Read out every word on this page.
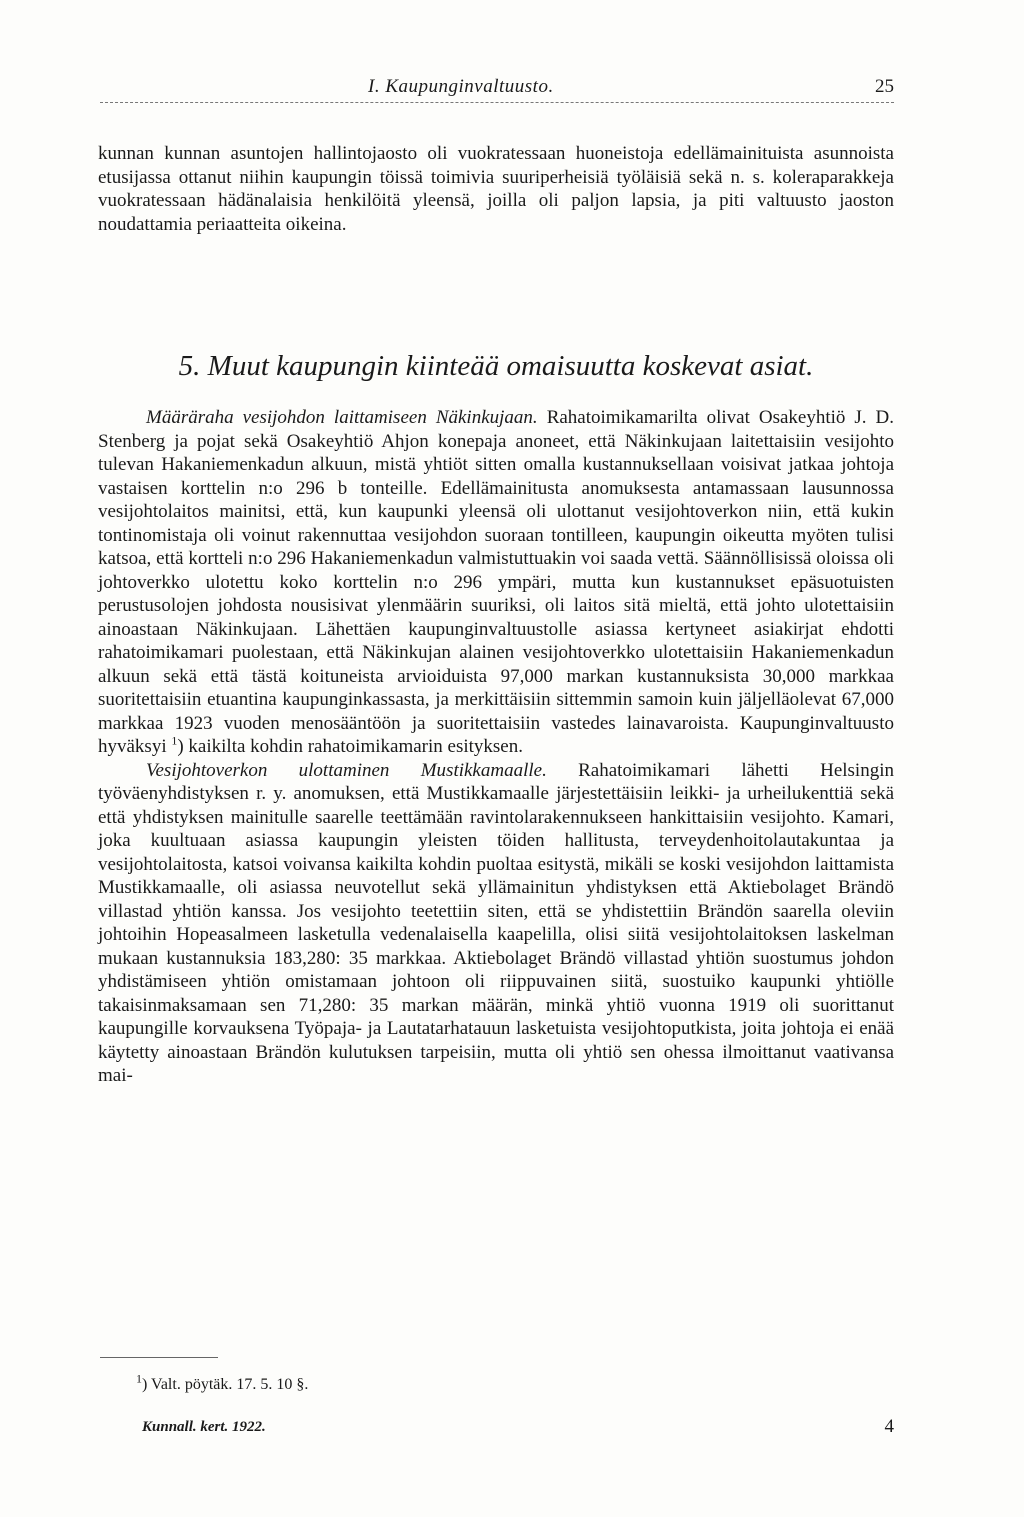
I. Kaupunginvaltuusto.	25

kunnan kunnan asuntojen hallintojaosto oli vuokratessaan huoneistoja edellämainituista asunnoista etusijassa ottanut niihin kaupungin töissä toimivia suuriperheisiä työläisiä sekä n. s. koleraparakkeja vuokratessaan hädänalaisia henkilöitä yleensä, joilla oli paljon lapsia, ja piti valtuusto jaoston noudattamia periaatteita oikeina.

5. Muut kaupungin kiinteää omaisuutta koskevat asiat.

Määräraha vesijohdon laittamiseen Näkinkujaan. Rahatoimikamarilta olivat Osakeyhtiö J. D. Stenberg ja pojat sekä Osakeyhtiö Ahjon konepaja anoneet, että Näkinkujaan laitettaisiin vesijohto tulevan Hakaniemenkadun alkuun, mistä yhtiöt sitten omalla kustannuksellaan voisivat jatkaa johtoja vastaisen korttelin n:o 296 b tonteille. Edellämainitusta anomuksesta antamassaan lausunnossa vesijohtolaitos mainitsi, että, kun kaupunki yleensä oli ulottanut vesijohtoverkon niin, että kukin tontinomistaja oli voinut rakennuttaa vesijohdon suoraan tontilleen, kaupungin oikeutta myöten tulisi katsoa, että kortteli n:o 296 Hakaniemenkadun valmistuttuakin voi saada vettä. Säännöllisissä oloissa oli johtoverkko ulotettu koko korttelin n:o 296 ympäri, mutta kun kustannukset epäsuotuisten perustusolojen johdosta nousisivat ylenmäärin suuriksi, oli laitos sitä mieltä, että johto ulotettaisiin ainoastaan Näkinkujaan. Lähettäen kaupunginvaltuustolle asiassa kertyneet asiakirjat ehdotti rahatoimikamari puolestaan, että Näkinkujan alainen vesijohtoverkko ulotettaisiin Hakaniemenkadun alkuun sekä että tästä koituneista arvioiduista 97,000 markan kustannuksista 30,000 markkaa suoritettaisiin etuantina kaupunginkassasta, ja merkittäisiin sittemmin samoin kuin jäljelläolevat 67,000 markkaa 1923 vuoden menosääntöön ja suoritettaisiin vastedes lainavaroista. Kaupunginvaltuusto hyväksyi $^1$) kaikilta kohdin rahatoimikamarin esityksen.

Vesijohtoverkon ulottaminen Mustikkamaalle. Rahatoimikamari lähetti Helsingin työväenyhdistyksen r. y. anomuksen, että Mustikkamaalle järjestettäisiin leikki- ja urheilukenttiä sekä että yhdistyksen mainitulle saarelle teettämään ravintolarakennukseen hankittaisiin vesijohto. Kamari, joka kuultuaan asiassa kaupungin yleisten töiden hallitusta, terveydenhoitolautakuntaa ja vesijohtolaitosta, katsoi voivansa kaikilta kohdin puoltaa esitystä, mikäli se koski vesijohdon laittamista Mustikkamaalle, oli asiassa neuvotellut sekä yllämainitun yhdistyksen että Aktiebolaget Brändö villastad yhtiön kanssa. Jos vesijohto teetettiin siten, että se yhdistettiin Brändön saarella oleviin johtoihin Hopeasalmeen lasketulla vedenalaisella kaapelilla, olisi siitä vesijohtolaitoksen laskelman mukaan kustannuksia 183,280: 35 markkaa. Aktiebolaget Brändö villastad yhtiön suostumus johdon yhdistämiseen yhtiön omistamaan johtoon oli riippuvainen siitä, suostuiko kaupunki yhtiölle takaisinmaksamaan sen 71,280: 35 markan määrän, minkä yhtiö vuonna 1919 oli suorittanut kaupungille korvauksena Työpaja- ja Lautatarhatauun lasketuista vesijohtoputkista, joita johtoja ei enää käytetty ainoastaan Brändön kulutuksen tarpeisiin, mutta oli yhtiö sen ohessa ilmoittanut vaativansa mai-

$^1$) Valt. pöytäk. 17. 5. 10 §.
Kunnall. kert. 1922.	4
